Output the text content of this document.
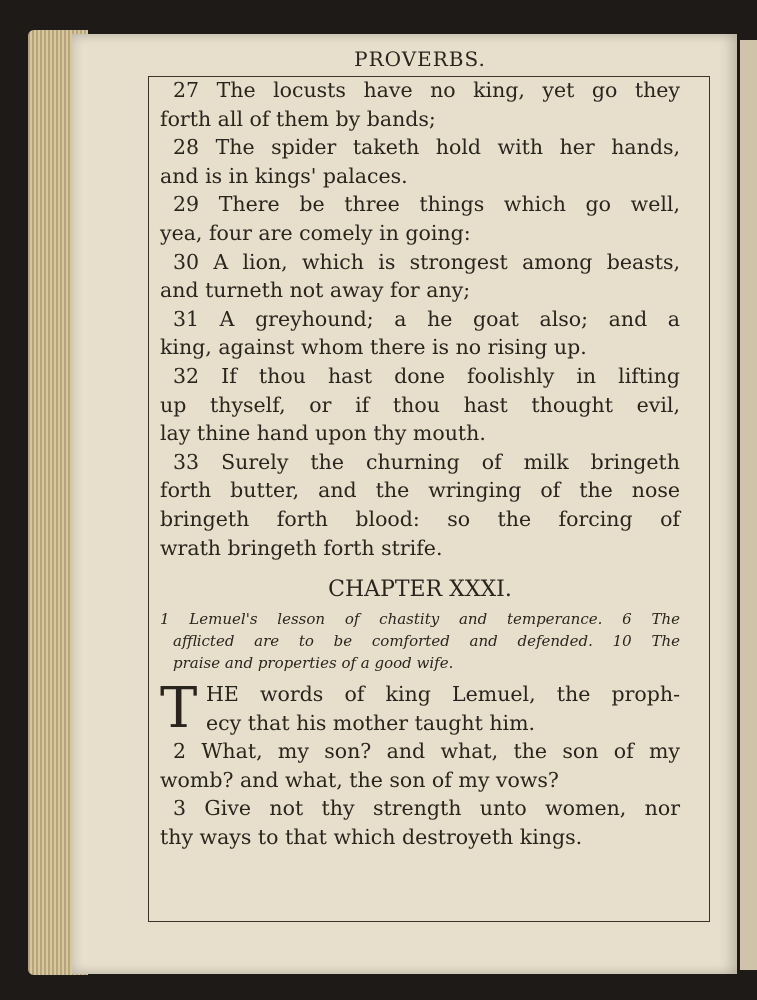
PROVERBS.
27 The locusts have no king, yet go they
forth all of them by bands;
28 The spider taketh hold with her hands,
and is in kings' palaces.
29 There be three things which go well,
yea, four are comely in going:
30 A lion, which is strongest among beasts,
and turneth not away for any;
31 A greyhound; a he goat also; and a
king, against whom there is no rising up.
32 If thou hast done foolishly in lifting
up thyself, or if thou hast thought evil,
lay thine hand upon thy mouth.
33 Surely the churning of milk bringeth
forth butter, and the wringing of the nose
bringeth forth blood: so the forcing of
wrath bringeth forth strife.
CHAPTER XXXI.
1 Lemuel's lesson of chastity and temperance. 6 The
afflicted are to be comforted and defended. 10 The
praise and properties of a good wife.
T HE words of king Lemuel, the proph-
ecy that his mother taught him.
2 What, my son? and what, the son of my
womb? and what, the son of my vows?
3 Give not thy strength unto women, nor
thy ways to that which destroyeth kings.
